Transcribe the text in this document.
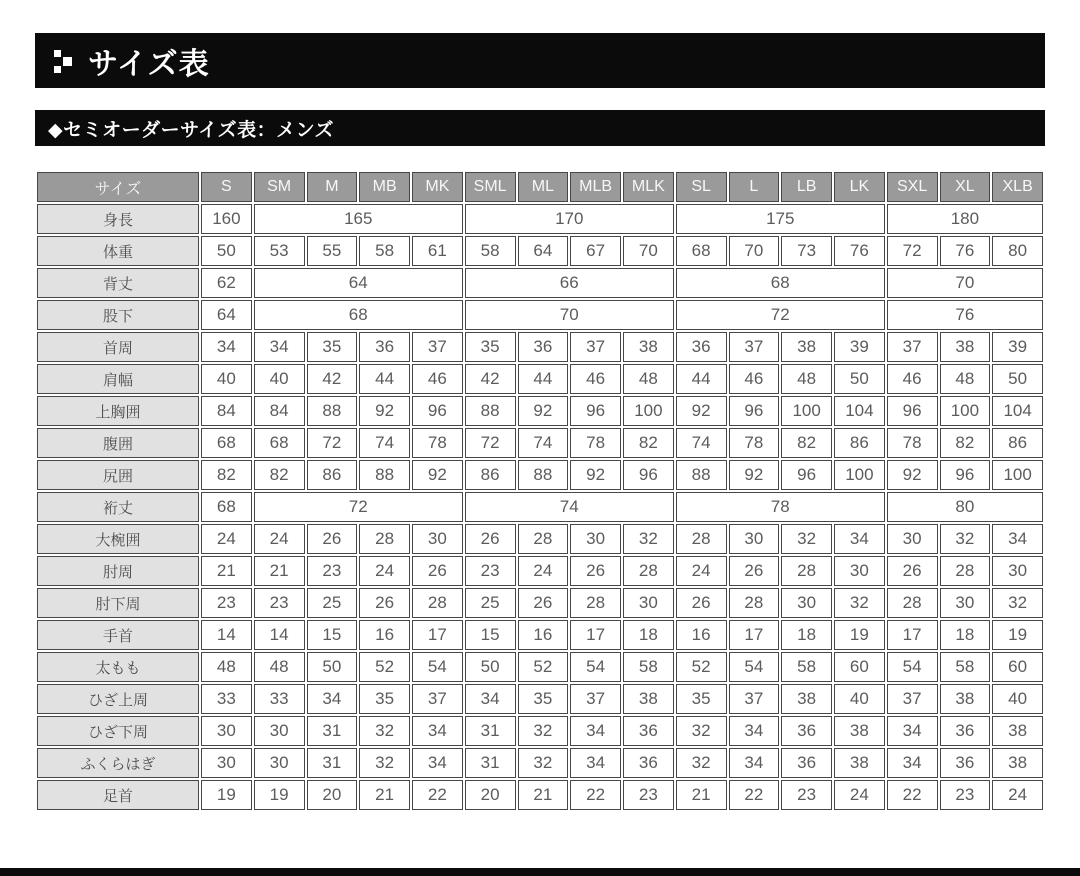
サイズ表
◆セミオーダーサイズ表：メンズ
サイズ	S	SM	M	MB	MK	SML	ML	MLB	MLK	SL	L	LB	LK	SXL	XL	XLB
身長	160	165				170				175				180		
体重	50	53	55	58	61	58	64	67	70	68	70	73	76	72	76	80
背丈	62	64				66				68				70		
股下	64	68				70				72				76		
首周	34	34	35	36	37	35	36	37	38	36	37	38	39	37	38	39
肩幅	40	40	42	44	46	42	44	46	48	44	46	48	50	46	48	50
上胸囲	84	84	88	92	96	88	92	96	100	92	96	100	104	96	100	104
腹囲	68	68	72	74	78	72	74	78	82	74	78	82	86	78	82	86
尻囲	82	82	86	88	92	86	88	92	96	88	92	96	100	92	96	100
裄丈	68	72				74				78				80		
大椀囲	24	24	26	28	30	26	28	30	32	28	30	32	34	30	32	34
肘周	21	21	23	24	26	23	24	26	28	24	26	28	30	26	28	30
肘下周	23	23	25	26	28	25	26	28	30	26	28	30	32	28	30	32
手首	14	14	15	16	17	15	16	17	18	16	17	18	19	17	18	19
太もも	48	48	50	52	54	50	52	54	58	52	54	58	60	54	58	60
ひざ上周	33	33	34	35	37	34	35	37	38	35	37	38	40	37	38	40
ひざ下周	30	30	31	32	34	31	32	34	36	32	34	36	38	34	36	38
ふくらはぎ	30	30	31	32	34	31	32	34	36	32	34	36	38	34	36	38
足首	19	19	20	21	22	20	21	22	23	21	22	23	24	22	23	24
